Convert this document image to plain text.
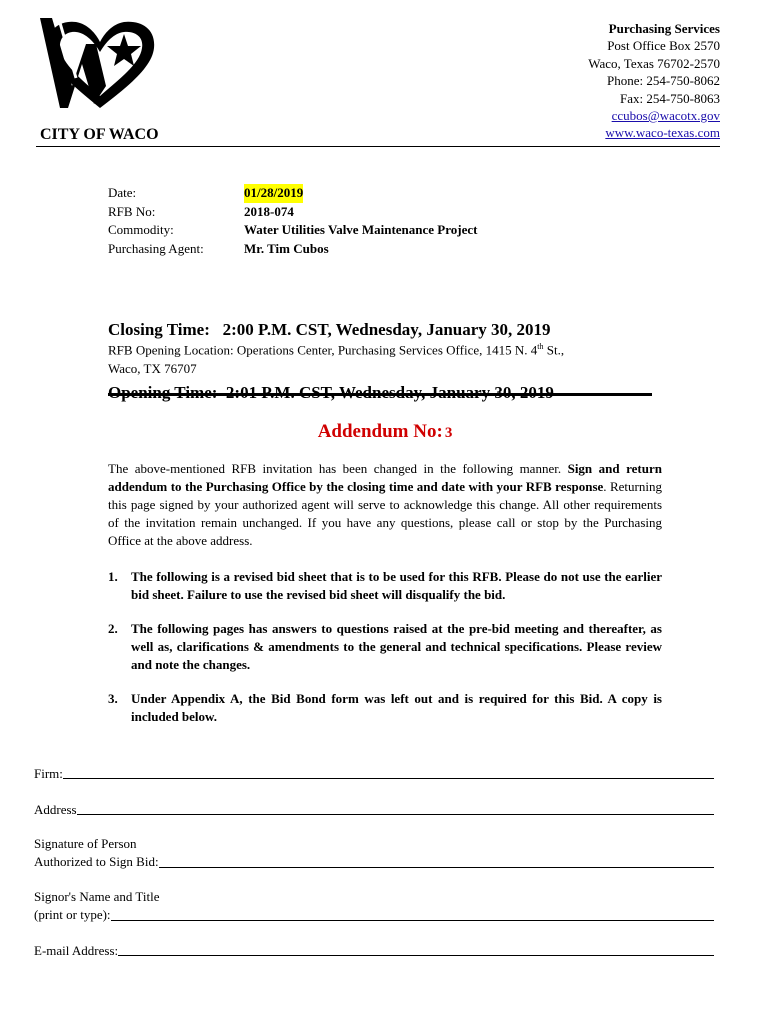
Purchasing Services
Post Office Box 2570
Waco, Texas 76702-2570
Phone: 254-750-8062
Fax: 254-750-8063
ccubos@wacotx.gov
www.waco-texas.com
CITY OF WACO
Date:	01/28/2019
RFB No:	2018-074
Commodity:	Water Utilities Valve Maintenance Project
Purchasing Agent:	Mr. Tim Cubos

Closing Time:   2:00 P.M. CST, Wednesday, January 30, 2019

RFB Opening Location: Operations Center, Purchasing Services Office, 1415 N. 4th St.,
Waco, TX 76707
Addendum No: 3
The above-mentioned RFB invitation has been changed in the following manner. Sign and return addendum to the Purchasing Office by the closing time and date with your RFB response. Returning this page signed by your authorized agent will serve to acknowledge this change. All other requirements of the invitation remain unchanged. If you have any questions, please call or stop by the Purchasing Office at the above address.
1.	The following is a revised bid sheet that is to be used for this RFB. Please do not use the earlier bid sheet. Failure to use the revised bid sheet will disqualify the bid.
2.	The following pages has answers to questions raised at the pre-bid meeting and thereafter, as well as, clarifications & amendments to the general and technical specifications. Please review and note the changes.
3.	Under Appendix A, the Bid Bond form was left out and is required for this Bid. A copy is included below.
Firm:
Address
Signature of Person
Authorized to Sign Bid:
Signor's Name and Title
(print or type):
E-mail Address:
